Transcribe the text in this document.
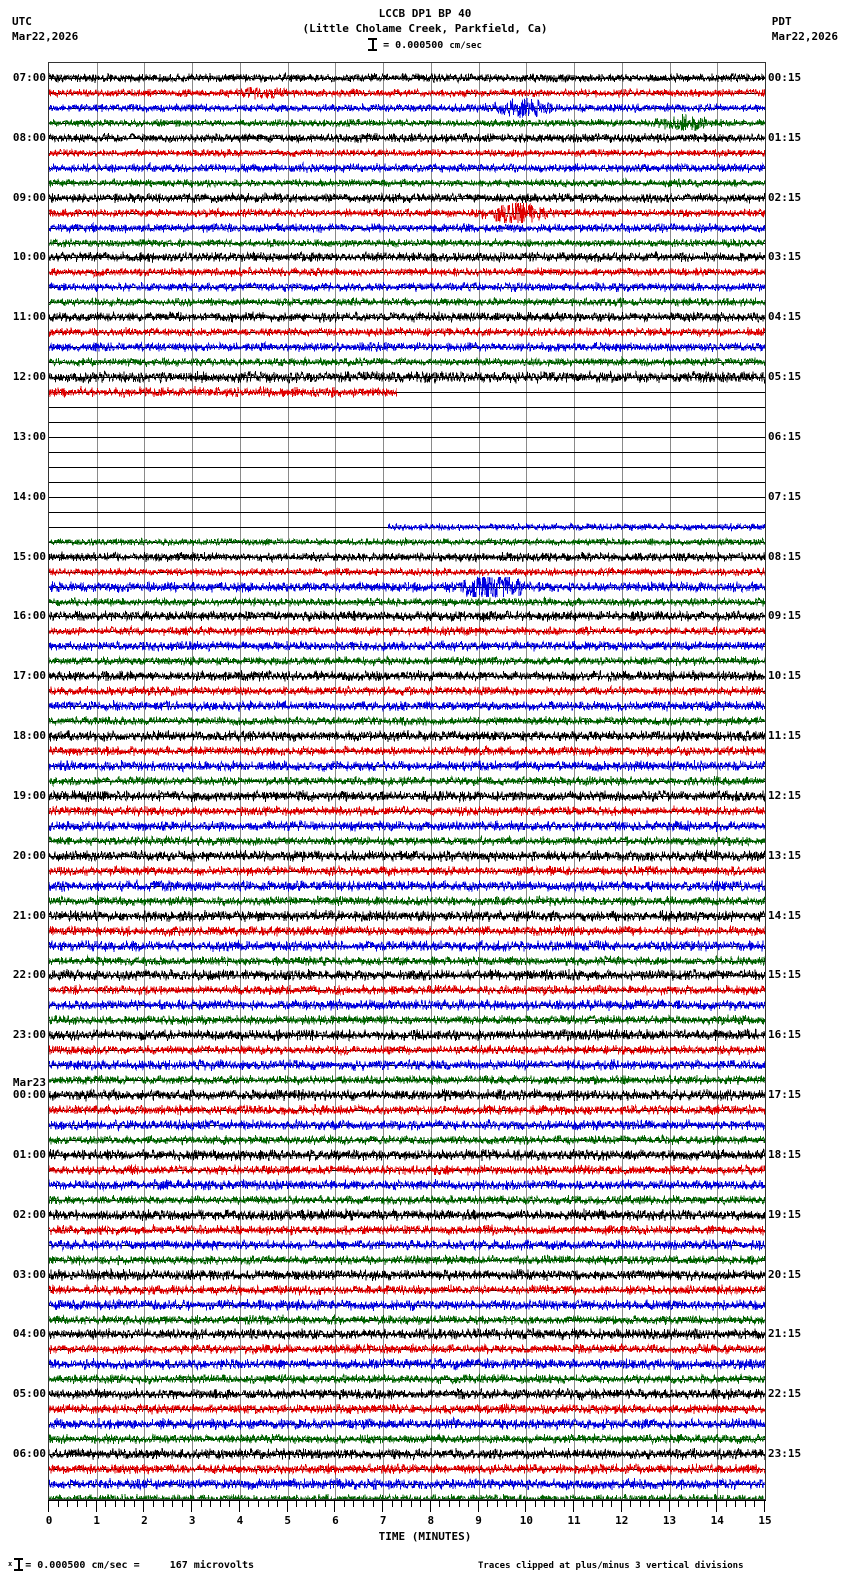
UTC
Mar22,2026
LCCB DP1 BP 40
(Little Cholame Creek, Parkfield, Ca)
PDT
Mar22,2026
= 0.000500 cm/sec
07:00	00:15
08:00	01:15
09:00	02:15
10:00	03:15
11:00	04:15
12:00	05:15
13:00	06:15
14:00	07:15
15:00	08:15
16:00	09:15
17:00	10:15
18:00	11:15
19:00	12:15
20:00	13:15
21:00	14:15
22:00	15:15
23:00	16:15
00:00	17:15
Mar23
01:00	18:15
02:00	19:15
03:00	20:15
04:00	21:15
05:00	22:15
06:00	23:15
0	1	2	3	4	5	6	7	8	9	10	11	12	13	14	15
TIME (MINUTES)
$^x$ = 0.000500 cm/sec =	167 microvolts	Traces clipped at plus/minus 3 vertical divisions
